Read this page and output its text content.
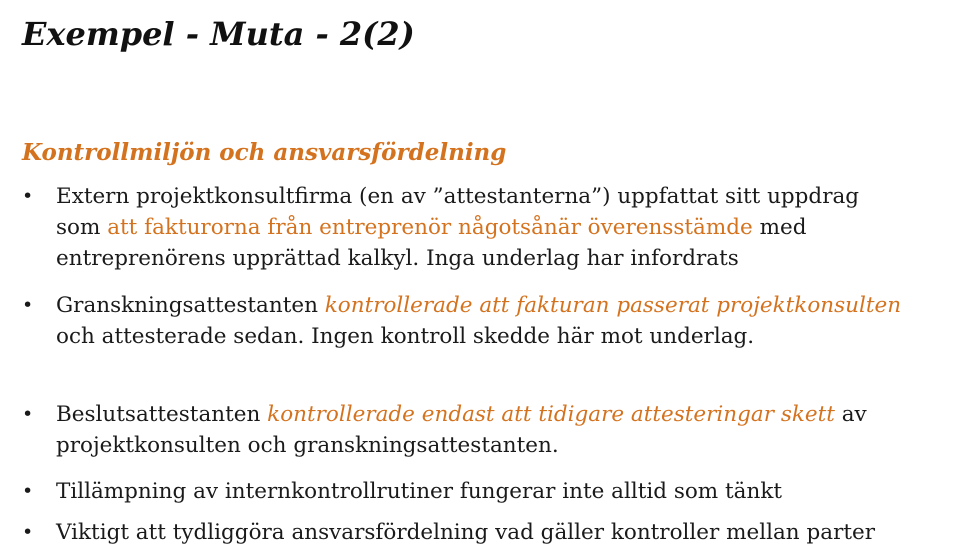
Exempel - Muta - 2(2)
Kontrollmiljön och ansvarsfördelning
• Extern projektkonsultfirma (en av ”attestanterna”) uppfattat sitt uppdrag
som att fakturorna från entreprenör någotsånär överensstämde med
entreprenörens upprättad kalkyl. Inga underlag har infordrats
• Granskningsattestanten kontrollerade att fakturan passerat projektkonsulten och attesterade sedan. Ingen kontroll skedde här mot underlag.
• Beslutsattestanten kontrollerade endast att tidigare attesteringar skett av projektkonsulten och granskningsattestanten.
• Tillämpning av internkontrollrutiner fungerar inte alltid som tänkt
• Viktigt att tydliggöra ansvarsfördelning vad gäller kontroller mellan parter
